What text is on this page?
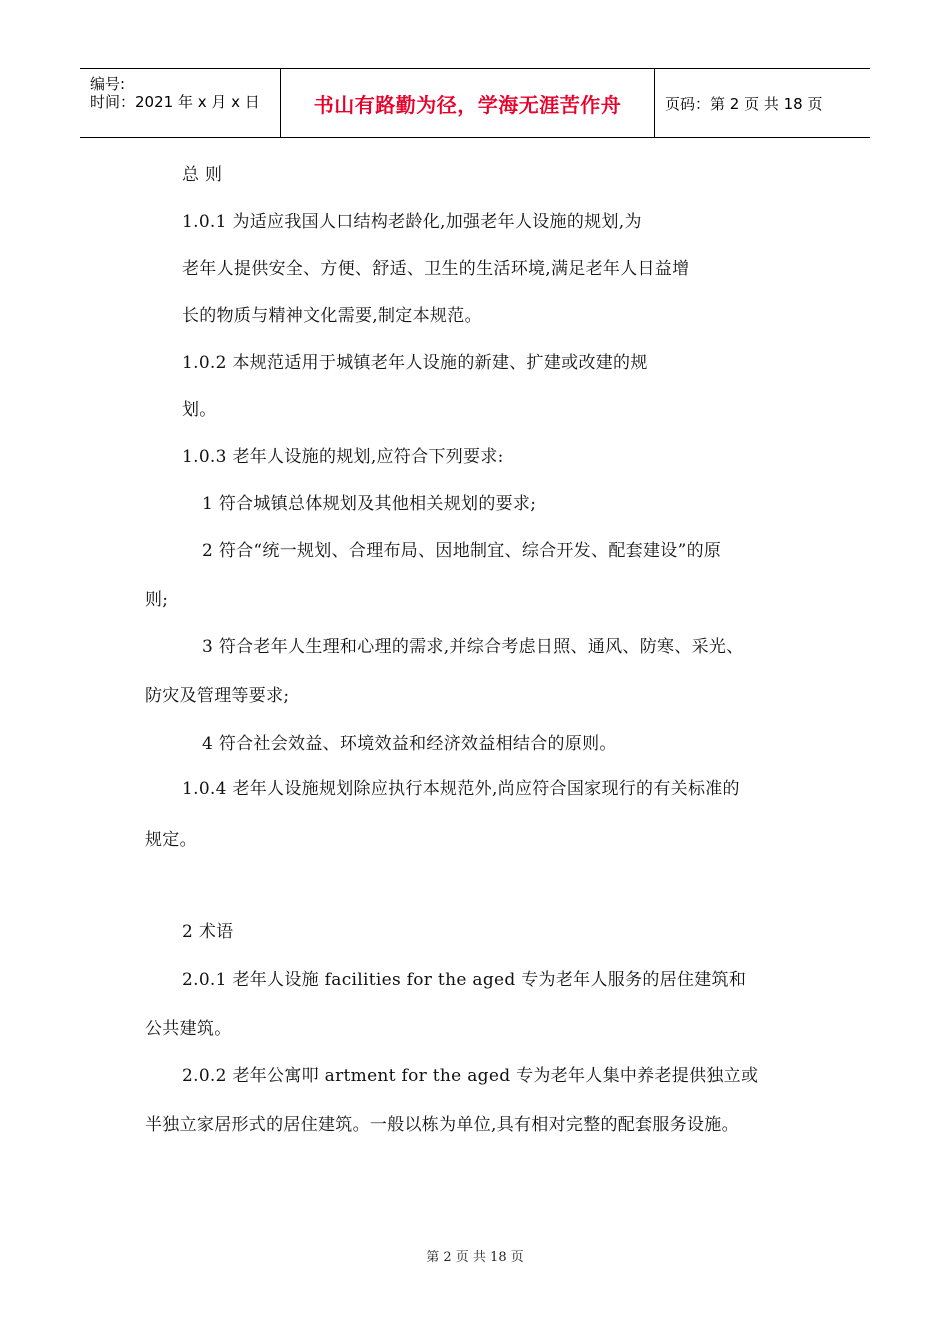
编号:
时间：2021 年 x 月 x 日	书山有路勤为径，学海无涯苦作舟	页码：第 2 页 共 18 页
总 则
1.0.1 为适应我国人口结构老龄化,加强老年人设施的规划,为
老年人提供安全、方便、舒适、卫生的生活环境,满足老年人日益增
长的物质与精神文化需要,制定本规范。
1.0.2 本规范适用于城镇老年人设施的新建、扩建或改建的规
划。
1.0.3 老年人设施的规划,应符合下列要求:
1 符合城镇总体规划及其他相关规划的要求;
2 符合“统一规划、合理布局、因地制宜、综合开发、配套建设”的原
则;
3 符合老年人生理和心理的需求,并综合考虑日照、通风、防寒、采光、
防灾及管理等要求;
4 符合社会效益、环境效益和经济效益相结合的原则。
1.0.4 老年人设施规划除应执行本规范外,尚应符合国家现行的有关标准的
规定。
2 术语
2.0.1 老年人设施 facilities for the aged 专为老年人服务的居住建筑和
公共建筑。
2.0.2 老年公寓叩 artment for the aged 专为老年人集中养老提供独立或
半独立家居形式的居住建筑。一般以栋为单位,具有相对完整的配套服务设施。
第 2 页 共 18 页
